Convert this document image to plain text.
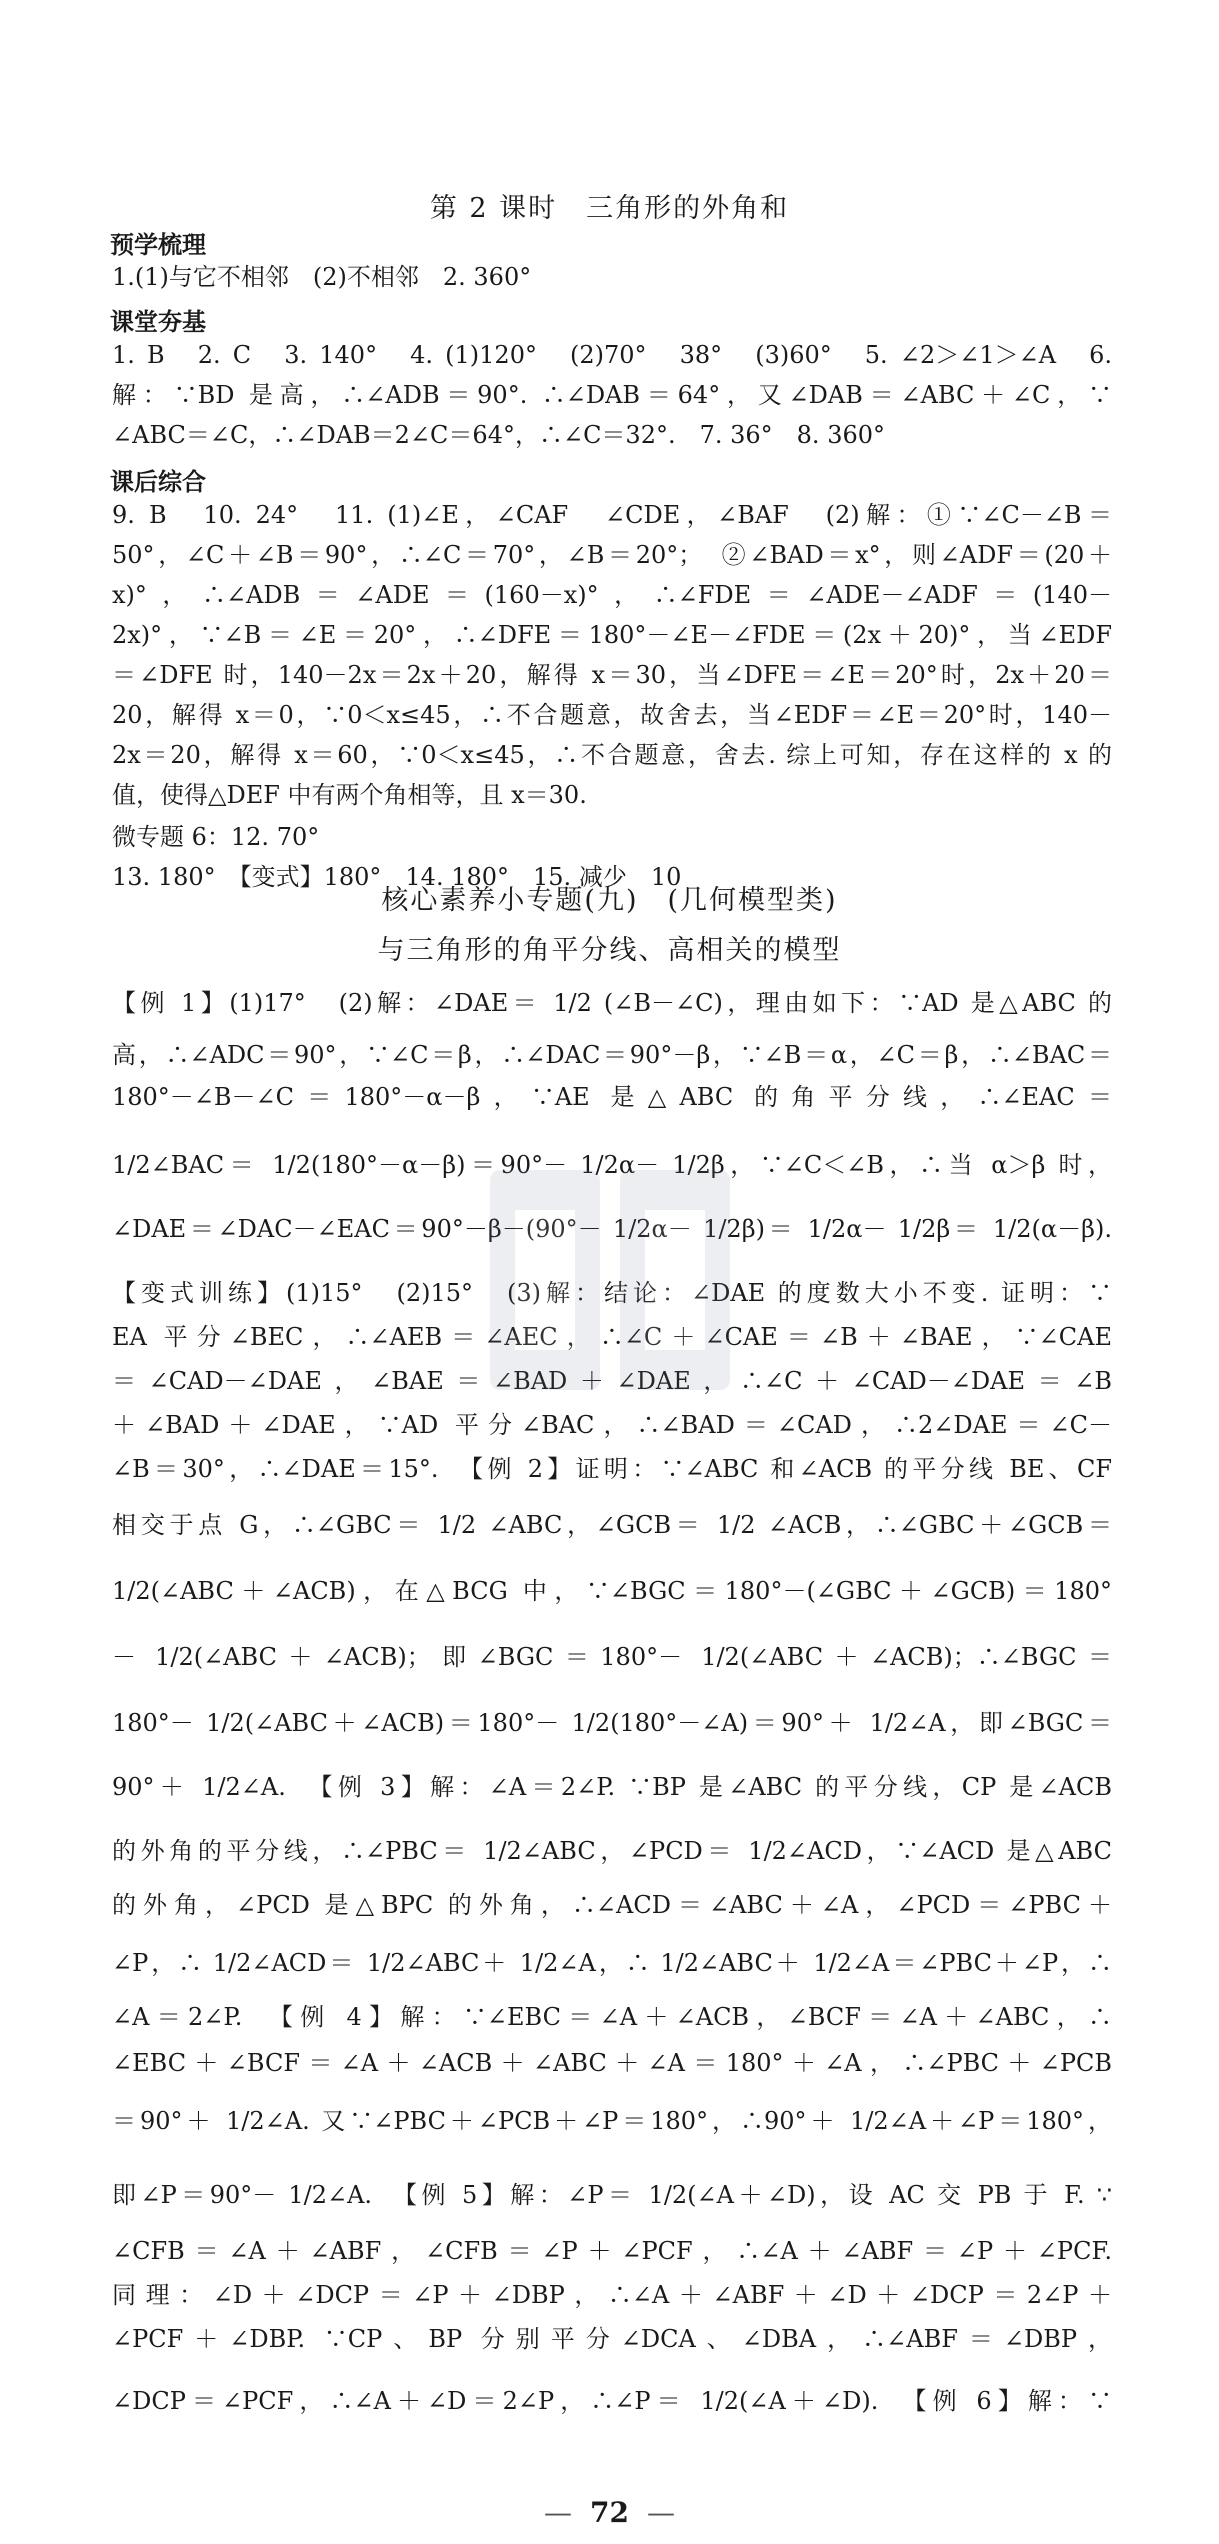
第 2 课时　三角形的外角和
预学梳理
1.(1)与它不相邻　(2)不相邻　2. 360°
课堂夯基
1. B　2. C　3. 140°　4. (1)120°　(2)70°　38°　(3)60°　5. ∠2＞∠1＞∠A　6.
解：∵BD 是高，∴∠ADB＝90°. ∴∠DAB＝64°，又∠DAB＝∠ABC＋∠C，∵
∠ABC＝∠C，∴∠DAB＝2∠C＝64°，∴∠C＝32°.　7. 36°　8. 360°
课后综合
9. B　10. 24°　11. (1)∠E，∠CAF　∠CDE，∠BAF　(2)解：①∵∠C－∠B＝
50°，∠C＋∠B＝90°，∴∠C＝70°，∠B＝20°；　②∠BAD＝x°，则∠ADF＝(20＋
x)°，∴∠ADB＝∠ADE＝(160－x)°，∴∠FDE＝∠ADE－∠ADF＝(140－
2x)°，∵∠B＝∠E＝20°，∴∠DFE＝180°－∠E－∠FDE＝(2x＋20)°，当∠EDF
＝∠DFE 时，140－2x＝2x＋20，解得 x＝30，当∠DFE＝∠E＝20°时，2x＋20＝
20，解得 x＝0，∵0＜x≤45，∴不合题意，故舍去，当∠EDF＝∠E＝20°时，140－
2x＝20，解得 x＝60，∵0＜x≤45，∴不合题意，舍去. 综上可知，存在这样的 x 的
值，使得△DEF 中有两个角相等，且 x＝30.
微专题 6：12. 70°
13. 180°　【变式】180°　14. 180°　15. 减少　10
核心素养小专题(九)　(几何模型类)
与三角形的角平分线、高相关的模型
【例 1】(1)17°　(2)解：∠DAE＝ 1/2 (∠B－∠C)，理由如下：∵AD 是△ABC 的
高，∴∠ADC＝90°，∵∠C＝β，∴∠DAC＝90°－β，∵∠B＝α，∠C＝β，∴∠BAC＝
180°－∠B－∠C＝180°－α－β，∵AE 是△ABC 的角平分线，∴∠EAC＝
1/2∠BAC＝ 1/2(180°－α－β)＝90°－ 1/2α－ 1/2β，∵∠C＜∠B，∴当 α＞β 时，
∠DAE＝∠DAC－∠EAC＝90°－β－(90°－ 1/2α－ 1/2β)＝ 1/2α－ 1/2β＝ 1/2(α－β).
【变式训练】(1)15°　(2)15°　(3)解：结论：∠DAE 的度数大小不变. 证明：∵
EA 平分∠BEC，∴∠AEB＝∠AEC，∴∠C＋∠CAE＝∠B＋∠BAE，∵∠CAE
＝∠CAD－∠DAE，∠BAE＝∠BAD＋∠DAE，∴∠C＋∠CAD－∠DAE＝∠B
＋∠BAD＋∠DAE，∵AD 平分∠BAC，∴∠BAD＝∠CAD，∴2∠DAE＝∠C－
∠B＝30°，∴∠DAE＝15°.　【例 2】证明：∵∠ABC 和∠ACB 的平分线 BE、CF
相交于点 G，∴∠GBC＝ 1/2 ∠ABC，∠GCB＝ 1/2 ∠ACB，∴∠GBC＋∠GCB＝
1/2(∠ABC＋∠ACB)，在△BCG 中，∵∠BGC＝180°－(∠GBC＋∠GCB)＝180°
－ 1/2(∠ABC＋∠ACB)；即∠BGC＝180°－ 1/2(∠ABC＋∠ACB)；∴∠BGC＝
180°－ 1/2(∠ABC＋∠ACB)＝180°－ 1/2(180°－∠A)＝90°＋ 1/2∠A，即∠BGC＝
90°＋ 1/2∠A.　【例 3】解：∠A＝2∠P. ∵BP 是∠ABC 的平分线，CP 是∠ACB
的外角的平分线，∴∠PBC＝ 1/2∠ABC，∠PCD＝ 1/2∠ACD，∵∠ACD 是△ABC
的外角，∠PCD 是△BPC 的外角，∴∠ACD＝∠ABC＋∠A，∠PCD＝∠PBC＋
∠P，∴ 1/2∠ACD＝ 1/2∠ABC＋ 1/2∠A，∴ 1/2∠ABC＋ 1/2∠A＝∠PBC＋∠P，∴
∠A＝2∠P.　【例 4】解：∵∠EBC＝∠A＋∠ACB，∠BCF＝∠A＋∠ABC，∴
∠EBC＋∠BCF＝∠A＋∠ACB＋∠ABC＋∠A＝180°＋∠A，∴∠PBC＋∠PCB
＝90°＋ 1/2∠A. 又∵∠PBC＋∠PCB＋∠P＝180°，∴90°＋ 1/2∠A＋∠P＝180°，
即∠P＝90°－ 1/2∠A.　【例 5】解：∠P＝ 1/2(∠A＋∠D)，设 AC 交 PB 于 F. ∵
∠CFB＝∠A＋∠ABF，∠CFB＝∠P＋∠PCF，∴∠A＋∠ABF＝∠P＋∠PCF.
同理：∠D＋∠DCP＝∠P＋∠DBP，∴∠A＋∠ABF＋∠D＋∠DCP＝2∠P＋
∠PCF＋∠DBP. ∵CP、BP 分别平分∠DCA、∠DBA，∴∠ABF＝∠DBP，
∠DCP＝∠PCF，∴∠A＋∠D＝2∠P，∴∠P＝ 1/2(∠A＋∠D).　【例 6】解：∵
— 72 —
